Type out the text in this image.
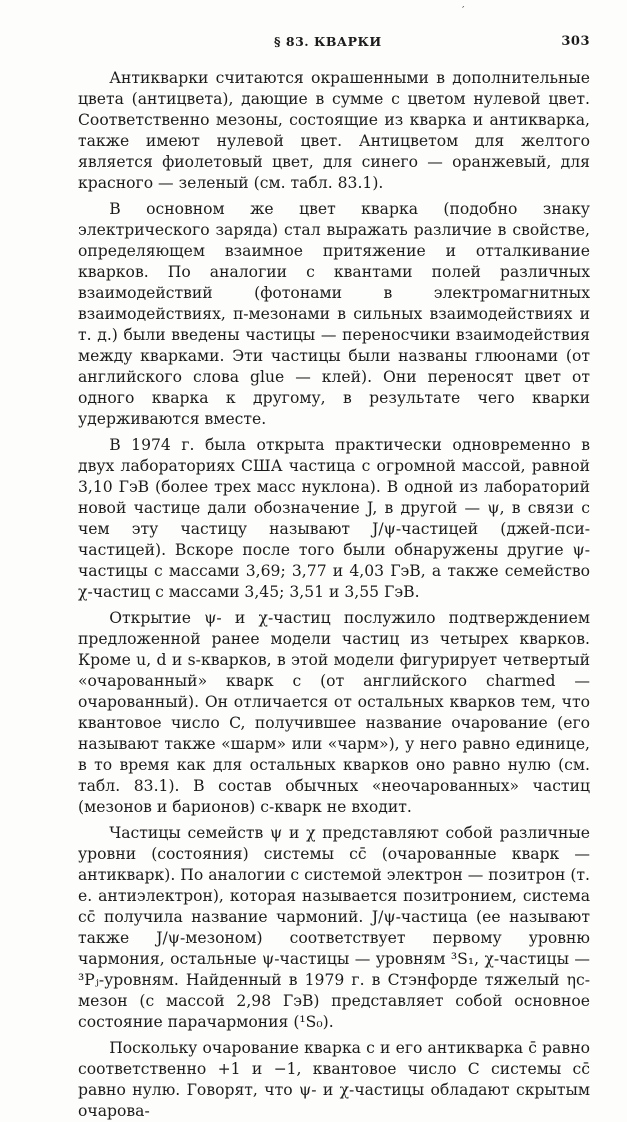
′
§ 83. КВАРКИ	303

Антикварки считаются окрашенными в дополнительные цвета (антицвета), дающие в сумме с цветом нулевой цвет. Соответственно мезоны, состоящие из кварка и антикварка, также имеют нулевой цвет. Антицветом для желтого является фиолетовый цвет, для синего — оранжевый, для красного — зеленый (см. табл. 83.1).

В основном же цвет кварка (подобно знаку электрического заряда) стал выражать различие в свойстве, определяющем взаимное притяжение и отталкивание кварков. По аналогии с квантами полей различных взаимодействий (фотонами в электромагнитных взаимодействиях, π-мезонами в сильных взаимодействиях и т. д.) были введены частицы — переносчики взаимодействия между кварками. Эти частицы были названы глюонами (от английского слова glue — клей). Они переносят цвет от одного кварка к другому, в результате чего кварки удерживаются вместе.

В 1974 г. была открыта практически одновременно в двух лабораториях США частица с огромной массой, равной 3,10 ГэВ (более трех масс нуклона). В одной из лабораторий новой частице дали обозначение J, в другой — ψ, в связи с чем эту частицу называют J/ψ-частицей (джей-пси-частицей). Вскоре после того были обнаружены другие ψ-частицы с массами 3,69; 3,77 и 4,03 ГэВ, а также семейство χ-частиц с массами 3,45; 3,51 и 3,55 ГэВ.

Открытие ψ- и χ-частиц послужило подтверждением предложенной ранее модели частиц из четырех кварков. Кроме u, d и s-кварков, в этой модели фигурирует четвертый «очарованный» кварк c (от английского charmed — очарованный). Он отличается от остальных кварков тем, что квантовое число C, получившее название очарование (его называют также «шарм» или «чарм»), у него равно единице, в то время как для остальных кварков оно равно нулю (см. табл. 83.1). В состав обычных «неочарованных» частиц (мезонов и барионов) c-кварк не входит.

Частицы семейств ψ и χ представляют собой различные уровни (состояния) системы cc̄ (очарованные кварк — антикварк). По аналогии с системой электрон — позитрон (т. е. антиэлектрон), которая называется позитронием, система cc̄ получила название чармоний. J/ψ-частица (ее называют также J/ψ-мезоном) соответствует первому уровню чармония, остальные ψ-частицы — уровням ³S₁, χ-частицы — ³Pⱼ-уровням. Найденный в 1979 г. в Стэнфорде тяжелый ηc-мезон (с массой 2,98 ГэВ) представляет собой основное состояние парачармония (¹S₀).

Поскольку очарование кварка c и его антикварка c̄ равно соответственно +1 и −1, квантовое число C системы cc̄ равно нулю. Говорят, что ψ- и χ-частицы обладают скрытым очарова-
